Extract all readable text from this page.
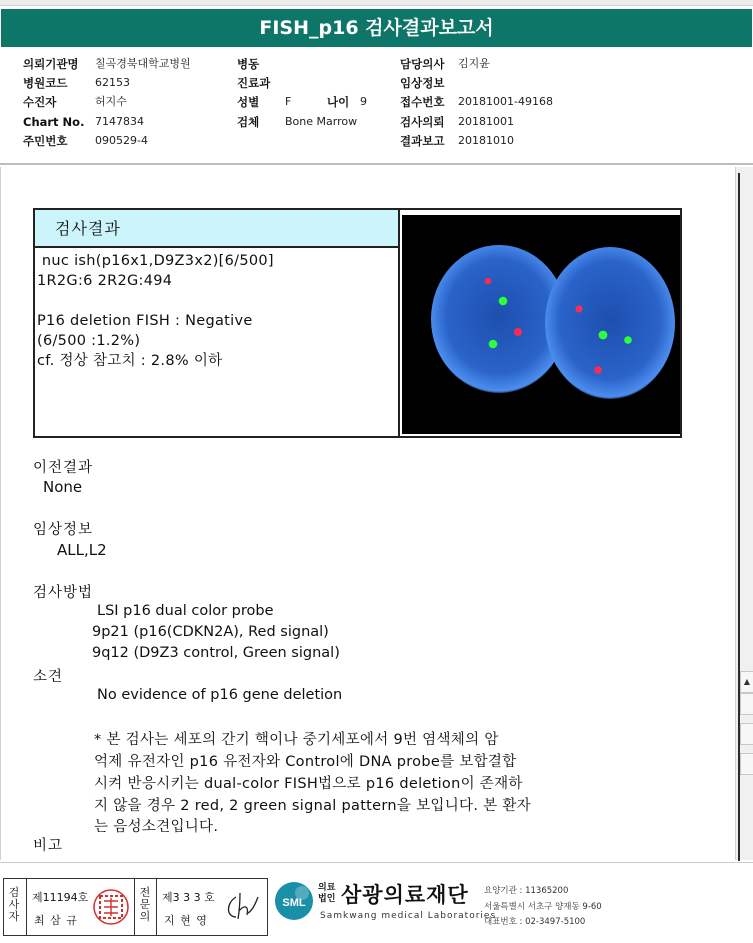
FISH_p16 검사결과보고서
의뢰기관명 칠곡경북대학교병원	병동	담당의사 김지윤
병원코드	62153	진료과	임상정보
수진자	허지수	성별 F	나이 9	접수번호 20181001-49168
Chart No. 7147834	검체 Bone Marrow	검사의뢰 20181001
주민번호	090529-4	결과보고 20181010
검사결과
nuc ish(p16x1,D9Z3x2)[6/500]
1R2G:6 2R2G:494
P16 deletion FISH : Negative
(6/500 :1.2%)
cf. 정상 참고치 : 2.8% 이하
이전결과
None
임상정보
ALL,L2
검사방법
LSI p16 dual color probe
9p21 (p16(CDKN2A), Red signal)
9q12 (D9Z3 control, Green signal)
소견
No evidence of p16 gene deletion
* 본 검사는 세포의 간기 핵이나 중기세포에서 9번 염색체의 암
억제 유전자인 p16 유전자와 Control에 DNA probe를 보합결합
시켜 반응시키는 dual-color FISH법으로 p16 deletion이 존재하
지 않을 경우 2 red, 2 green signal pattern을 보입니다. 본 환자
는 음성소견입니다.
비고
▲
검
사
자
제11194호
최 삼 규
전
문
의
제3 3 3 호
지 현 영
SML
의료
법인 삼광의료재단
Samkwang medical Laboratories
요양기관 : 11365200
서울특별시 서초구 양재동 9-60
대표번호 : 02-3497-5100
